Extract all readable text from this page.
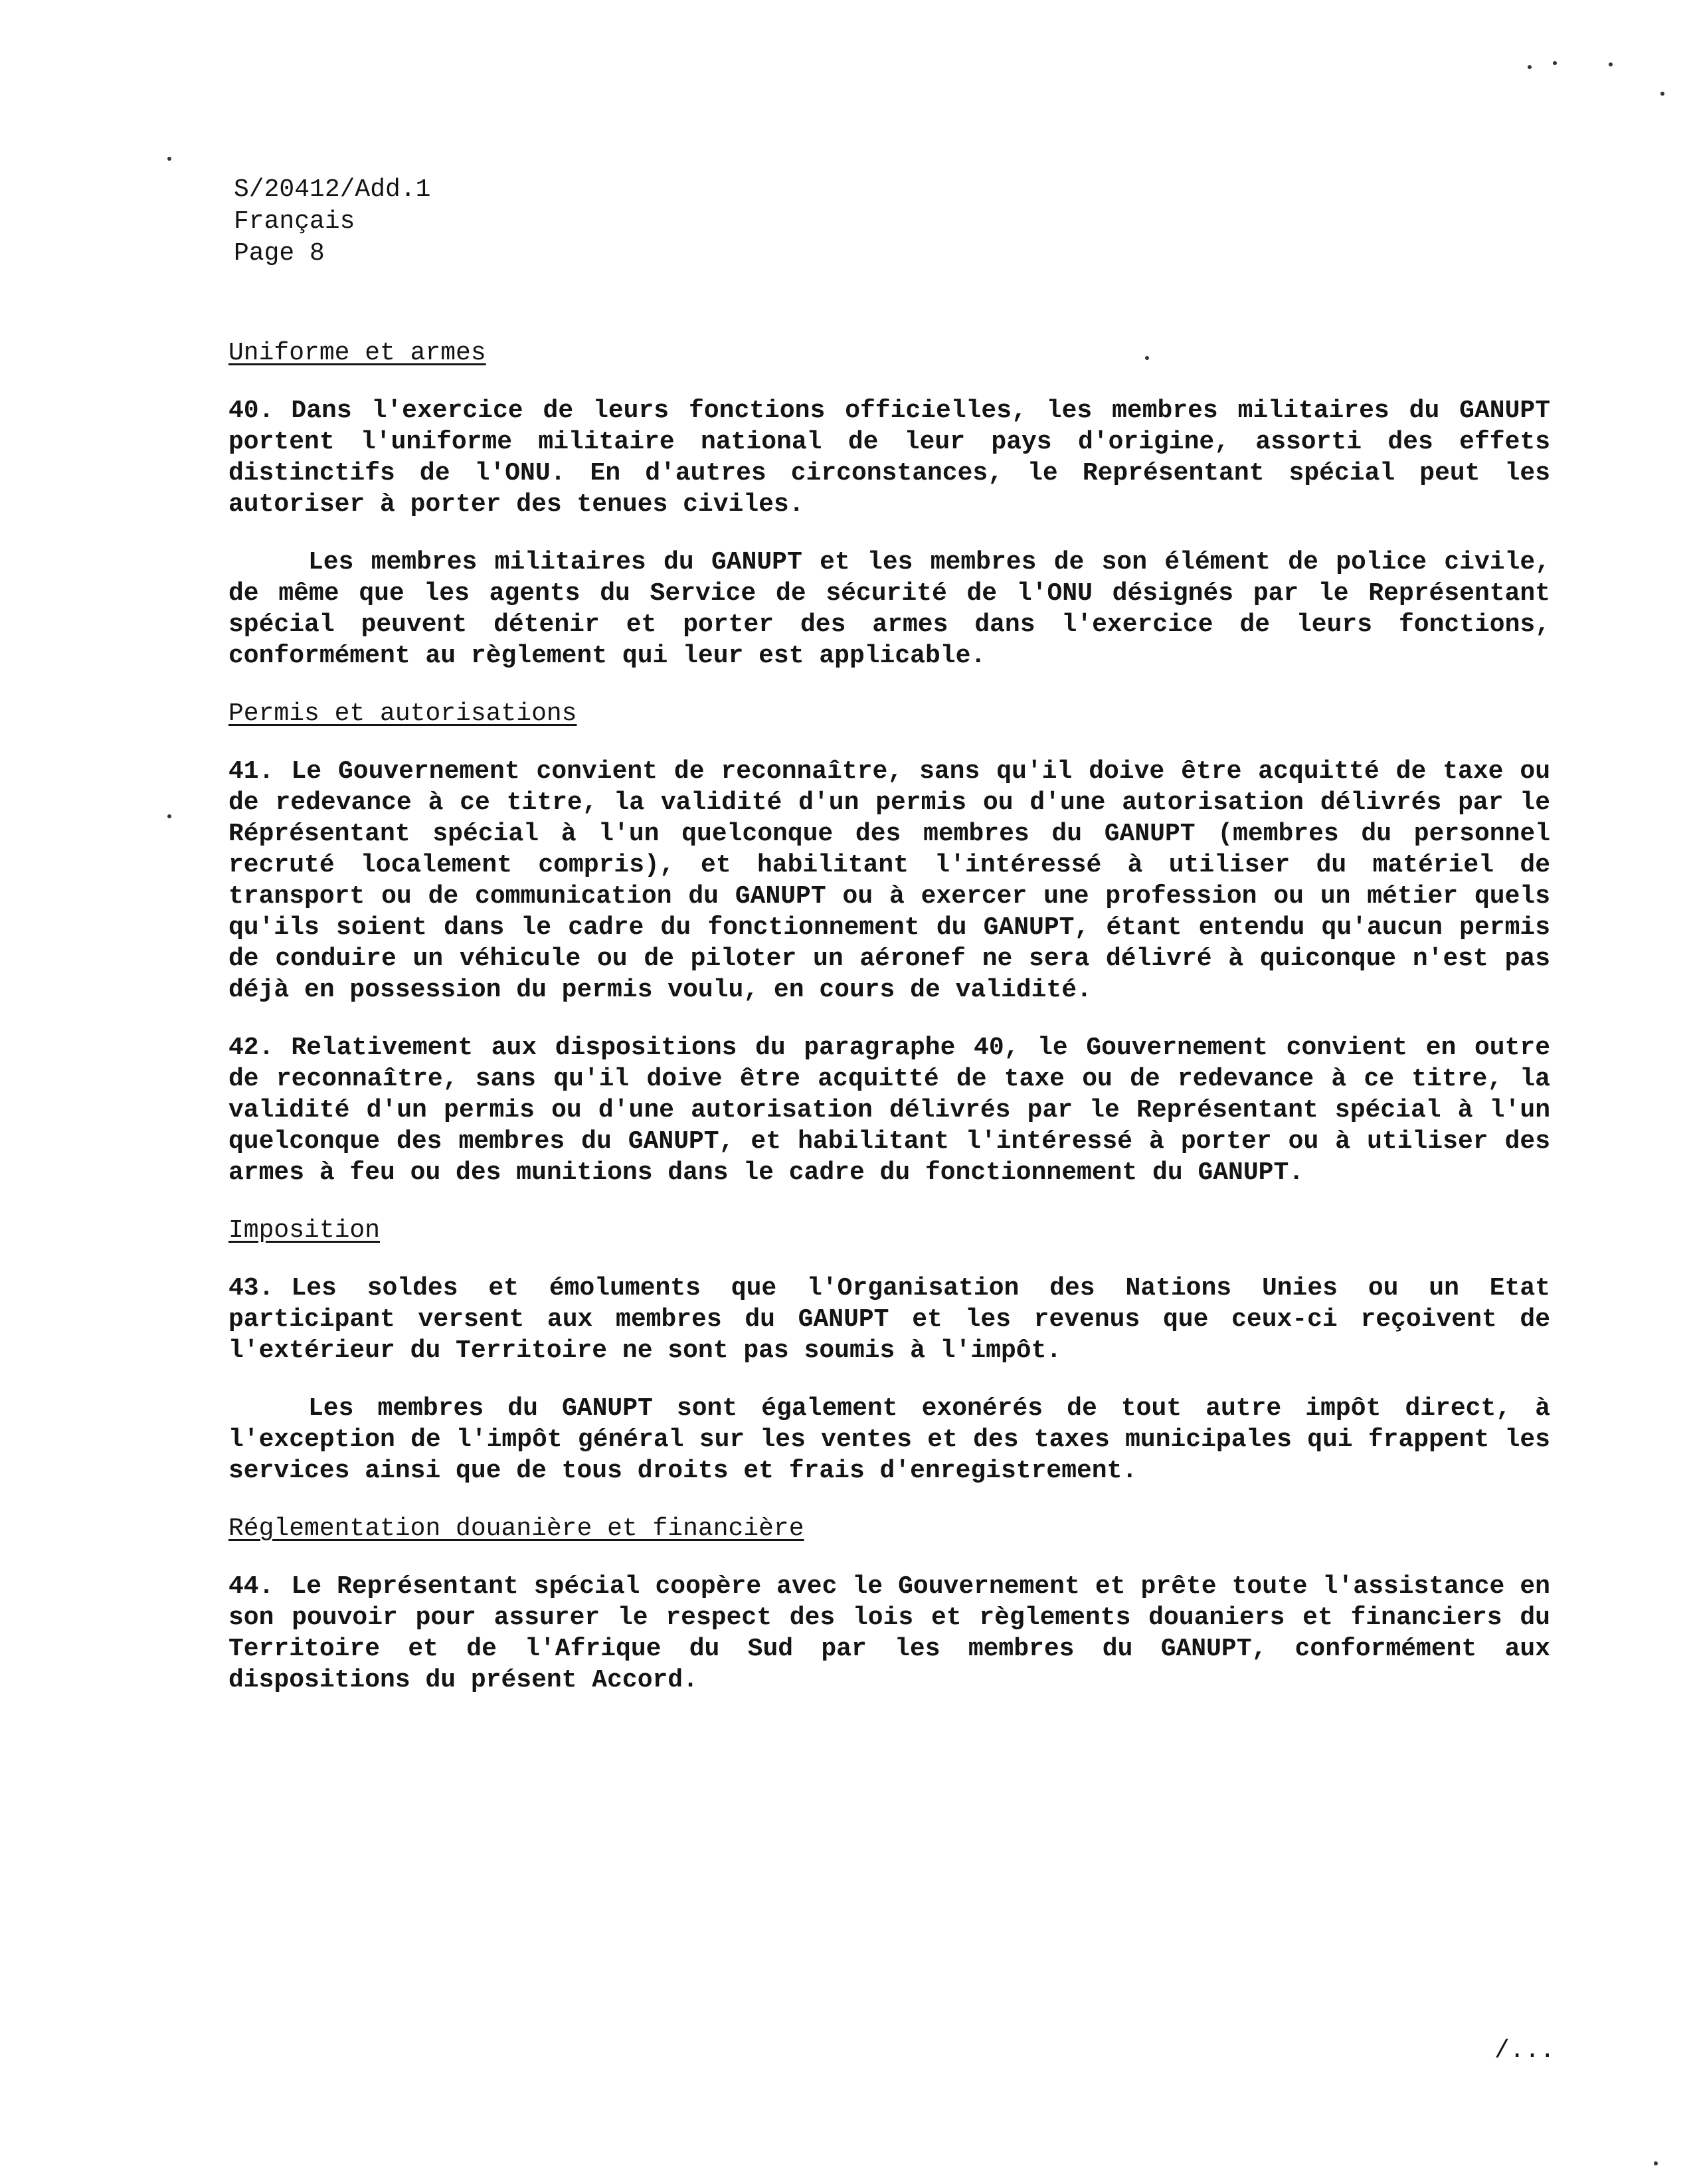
S/20412/Add.1
Français
Page 8
Uniforme et armes
40. Dans l'exercice de leurs fonctions officielles, les membres militaires du GANUPT portent l'uniforme militaire national de leur pays d'origine, assorti des effets distinctifs de l'ONU. En d'autres circonstances, le Représentant spécial peut les autoriser à porter des tenues civiles.
Les membres militaires du GANUPT et les membres de son élément de police civile, de même que les agents du Service de sécurité de l'ONU désignés par le Représentant spécial peuvent détenir et porter des armes dans l'exercice de leurs fonctions, conformément au règlement qui leur est applicable.
Permis et autorisations
41. Le Gouvernement convient de reconnaître, sans qu'il doive être acquitté de taxe ou de redevance à ce titre, la validité d'un permis ou d'une autorisation délivrés par le Réprésentant spécial à l'un quelconque des membres du GANUPT (membres du personnel recruté localement compris), et habilitant l'intéressé à utiliser du matériel de transport ou de communication du GANUPT ou à exercer une profession ou un métier quels qu'ils soient dans le cadre du fonctionnement du GANUPT, étant entendu qu'aucun permis de conduire un véhicule ou de piloter un aéronef ne sera délivré à quiconque n'est pas déjà en possession du permis voulu, en cours de validité.
42. Relativement aux dispositions du paragraphe 40, le Gouvernement convient en outre de reconnaître, sans qu'il doive être acquitté de taxe ou de redevance à ce titre, la validité d'un permis ou d'une autorisation délivrés par le Représentant spécial à l'un quelconque des membres du GANUPT, et habilitant l'intéressé à porter ou à utiliser des armes à feu ou des munitions dans le cadre du fonctionnement du GANUPT.
Imposition
43. Les soldes et émoluments que l'Organisation des Nations Unies ou un Etat participant versent aux membres du GANUPT et les revenus que ceux-ci reçoivent de l'extérieur du Territoire ne sont pas soumis à l'impôt.
Les membres du GANUPT sont également exonérés de tout autre impôt direct, à l'exception de l'impôt général sur les ventes et des taxes municipales qui frappent les services ainsi que de tous droits et frais d'enregistrement.
Réglementation douanière et financière
44. Le Représentant spécial coopère avec le Gouvernement et prête toute l'assistance en son pouvoir pour assurer le respect des lois et règlements douaniers et financiers du Territoire et de l'Afrique du Sud par les membres du GANUPT, conformément aux dispositions du présent Accord.
/...
